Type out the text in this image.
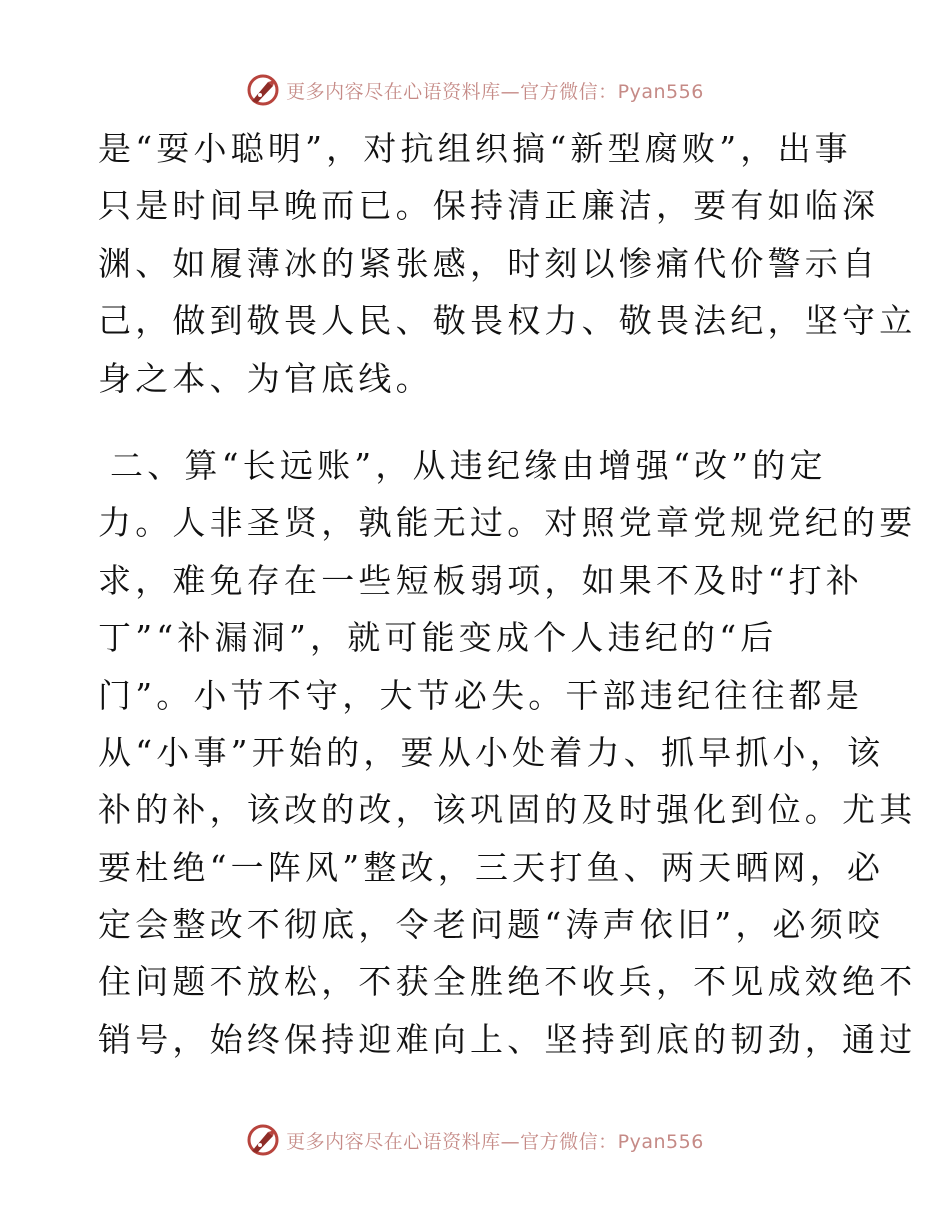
更多内容尽在心语资料库—官方微信：Pyan556
是“耍小聪明”，对抗组织搞“新型腐败”，出事
只是时间早晚而已。保持清正廉洁，要有如临深
渊、如履薄冰的紧张感，时刻以惨痛代价警示自
己，做到敬畏人民、敬畏权力、敬畏法纪，坚守立
身之本、为官底线。
二、算“长远账”，从违纪缘由增强“改”的定
力。人非圣贤，孰能无过。对照党章党规党纪的要
求，难免存在一些短板弱项，如果不及时“打补
丁”“补漏洞”，就可能变成个人违纪的“后
门”。小节不守，大节必失。干部违纪往往都是
从“小事”开始的，要从小处着力、抓早抓小，该
补的补，该改的改，该巩固的及时强化到位。尤其
要杜绝“一阵风”整改，三天打鱼、两天晒网，必
定会整改不彻底，令老问题“涛声依旧”，必须咬
住问题不放松，不获全胜绝不收兵，不见成效绝不
销号，始终保持迎难向上、坚持到底的韧劲，通过
更多内容尽在心语资料库—官方微信：Pyan556
